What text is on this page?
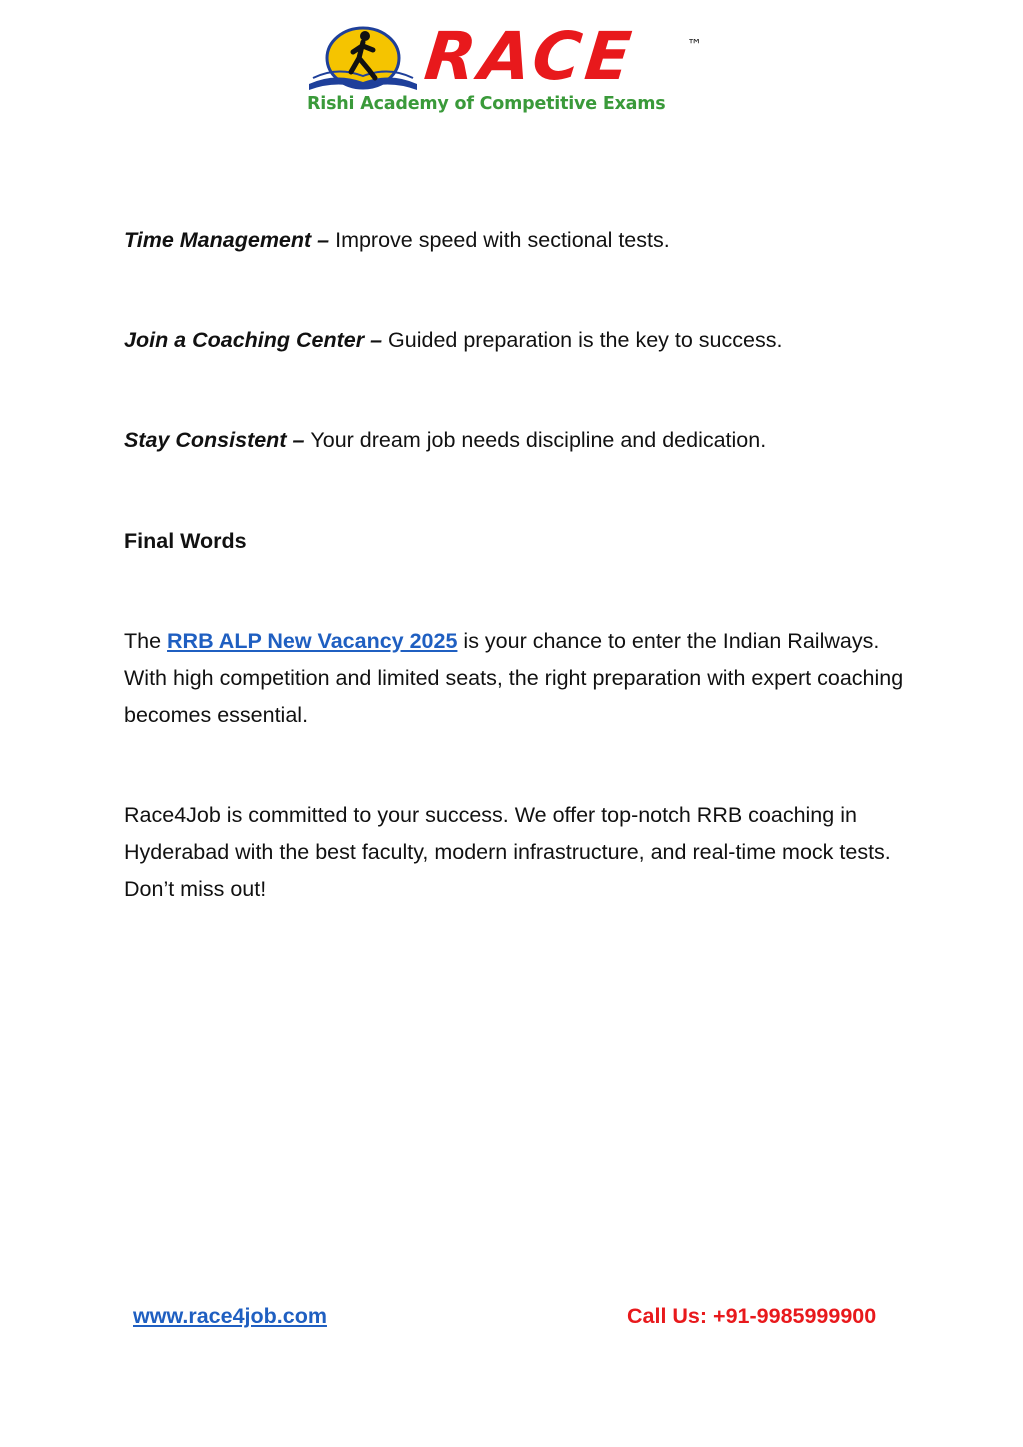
RACE	™
Rishi Academy of Competitive Exams

Time Management – Improve speed with sectional tests.

Join a Coaching Center – Guided preparation is the key to success.

Stay Consistent – Your dream job needs discipline and dedication.

Final Words

The RRB ALP New Vacancy 2025 is your chance to enter the Indian Railways. With high competition and limited seats, the right preparation with expert coaching becomes essential.

Race4Job is committed to your success. We offer top-notch RRB coaching in Hyderabad with the best faculty, modern infrastructure, and real-time mock tests. Don’t miss out!

www.race4job.com	Call Us: +91-9985999900
